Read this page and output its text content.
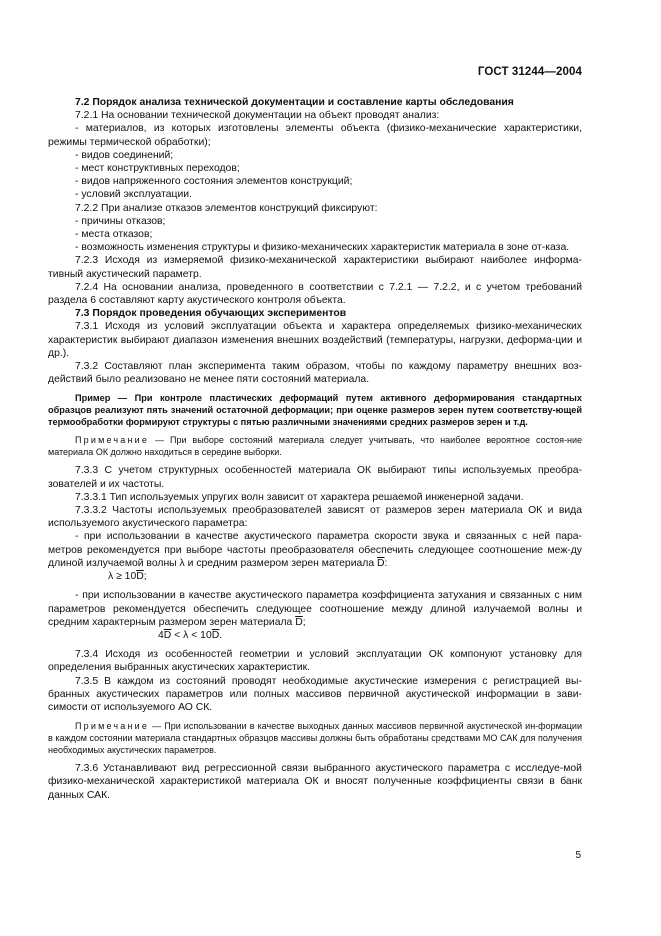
ГОСТ 31244—2004

7.2 Порядок анализа технической документации и составление карты обследования

7.2.1 На основании технической документации на объект проводят анализ:

- материалов, из которых изготовлены элементы объекта (физико-механические характеристики, режимы термической обработки);

- видов соединений;

- мест конструктивных переходов;

- видов напряженного состояния элементов конструкций;

- условий эксплуатации.

7.2.2 При анализе отказов элементов конструкций фиксируют:

- причины отказов;

- места отказов;

- возможность изменения структуры и физико-механических характеристик материала в зоне от-каза.

7.2.3 Исходя из измеряемой физико-механической характеристики выбирают наиболее информа-тивный акустический параметр.

7.2.4 На основании анализа, проведенного в соответствии с 7.2.1 — 7.2.2, и с учетом требований раздела 6 составляют карту акустического контроля объекта.

7.3 Порядок проведения обучающих экспериментов

7.3.1 Исходя из условий эксплуатации объекта и характера определяемых физико-механических характеристик выбирают диапазон изменения внешних воздействий (температуры, нагрузки, деформа-ции и др.).

7.3.2 Составляют план эксперимента таким образом, чтобы по каждому параметру внешних воз-действий было реализовано не менее пяти состояний материала.

Пример — При контроле пластических деформаций путем активного деформирования стандартных образцов реализуют пять значений остаточной деформации; при оценке размеров зерен путем соответству-ющей термообработки формируют структуры с пятью различными значениями средних размеров зерен и т.д.

Примечание — При выборе состояний материала следует учитывать, что наиболее вероятное состоя-ние материала ОК должно находиться в середине выборки.

7.3.3 С учетом структурных особенностей материала ОК выбирают типы используемых преобра-зователей и их частоты.

7.3.3.1 Тип используемых упругих волн зависит от характера решаемой инженерной задачи.

7.3.3.2 Частоты используемых преобразователей зависят от размеров зерен материала ОК и вида используемого акустического параметра:

- при использовании в качестве акустического параметра скорости звука и связанных с ней пара-метров рекомендуется при выборе частоты преобразователя обеспечить следующее соотношение меж-ду длиной излучаемой волны λ и средним размером зерен материала $\overline{D}$:

$\lambda \ge 10\overline{D}$;

- при использовании в качестве акустического параметра коэффициента затухания и связанных с ним параметров рекомендуется обеспечить следующее соотношение между длиной излучаемой волны и средним характерным размером зерен материала $\overline{D}$;

$4\overline{D} < \lambda < 10\overline{D}$.

7.3.4 Исходя из особенностей геометрии и условий эксплуатации ОК компонуют установку для определения выбранных акустических характеристик.

7.3.5 В каждом из состояний проводят необходимые акустические измерения с регистрацией вы-бранных акустических параметров или полных массивов первичной акустической информации в зави-симости от используемого АО СК.

Примечание — При использовании в качестве выходных данных массивов первичной акустической ин-формации в каждом состоянии материала стандартных образцов массивы должны быть обработаны средствами МО САК для получения необходимых акустических параметров.

7.3.6 Устанавливают вид регрессионной связи выбранного акустического параметра с исследуе-мой физико-механической характеристикой материала ОК и вносят полученные коэффициенты связи в банк данных САК.

5
